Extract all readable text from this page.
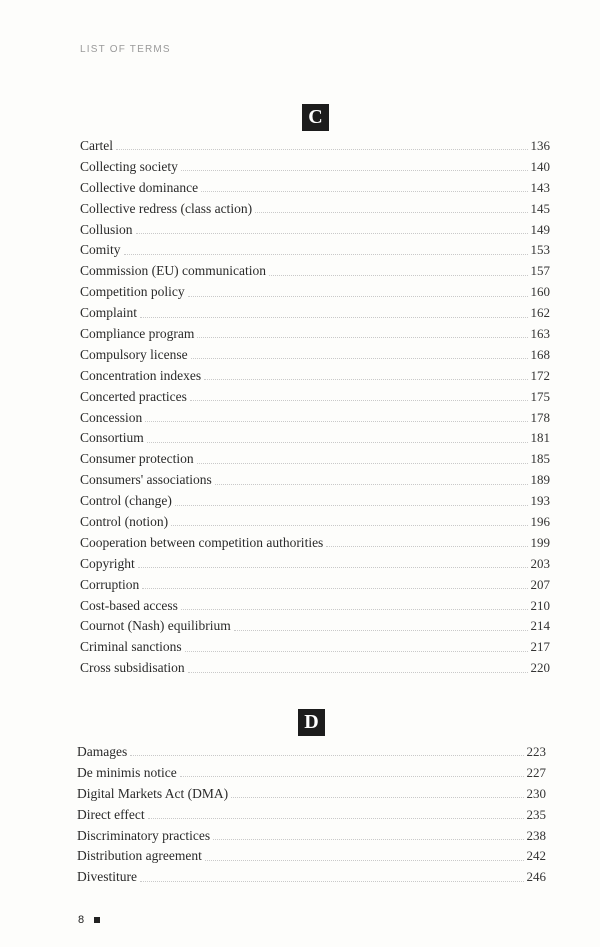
LIST OF TERMS
C
Cartel	136
Collecting society	140
Collective dominance	143
Collective redress (class action)	145
Collusion	149
Comity	153
Commission (EU) communication	157
Competition policy	160
Complaint	162
Compliance program	163
Compulsory license	168
Concentration indexes	172
Concerted practices	175
Concession	178
Consortium	181
Consumer protection	185
Consumers' associations	189
Control (change)	193
Control (notion)	196
Cooperation between competition authorities	199
Copyright	203
Corruption	207
Cost-based access	210
Cournot (Nash) equilibrium	214
Criminal sanctions	217
Cross subsidisation	220
D
Damages	223
De minimis notice	227
Digital Markets Act (DMA)	230
Direct effect	235
Discriminatory practices	238
Distribution agreement	242
Divestiture	246
8
